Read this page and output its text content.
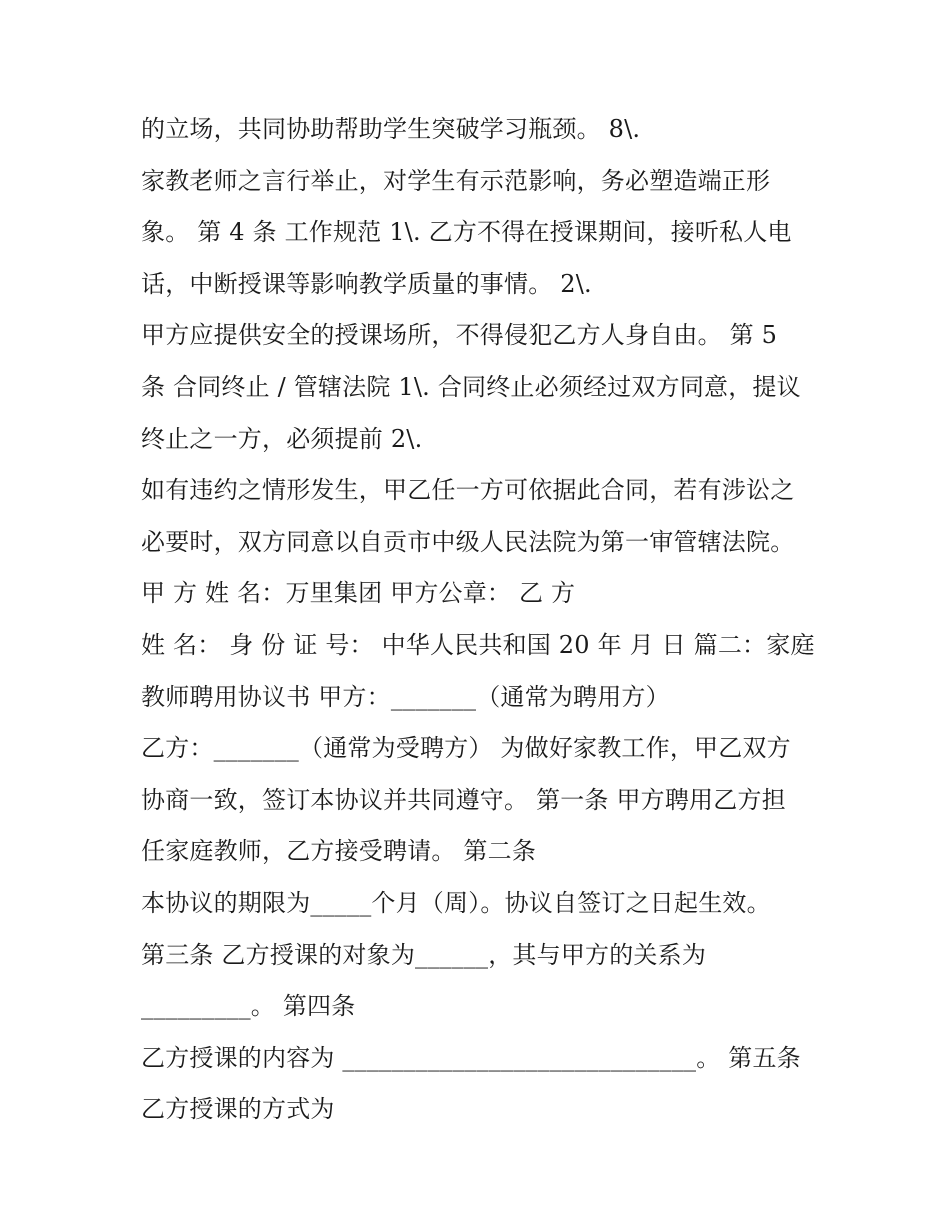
的立场，共同协助帮助学生突破学习瓶颈。 8\.
家教老师之言行举止，对学生有示范影响，务必塑造端正形
象。 第 4 条 工作规范 1\. 乙方不得在授课期间，接听私人电
话，中断授课等影响教学质量的事情。 2\.
甲方应提供安全的授课场所，不得侵犯乙方人身自由。 第 5
条 合同终止 / 管辖法院 1\. 合同终止必须经过双方同意，提议
终止之一方，必须提前 2\.
如有违约之情形发生，甲乙任一方可依据此合同，若有涉讼之
必要时，双方同意以自贡市中级人民法院为第一审管辖法院。
甲 方 姓 名：万里集团 甲方公章： 乙 方
姓 名： 身 份 证 号： 中华人民共和国 20 年 月 日 篇二：家庭
教师聘用协议书 甲方：_______（通常为聘用方）
乙方：_______（通常为受聘方） 为做好家教工作，甲乙双方
协商一致，签订本协议并共同遵守。 第一条 甲方聘用乙方担
任家庭教师，乙方接受聘请。 第二条
本协议的期限为_____个月（周）。协议自签订之日起生效。
第三条 乙方授课的对象为______，其与甲方的关系为
_________。 第四条
乙方授课的内容为 _____________________________。 第五条
乙方授课的方式为
